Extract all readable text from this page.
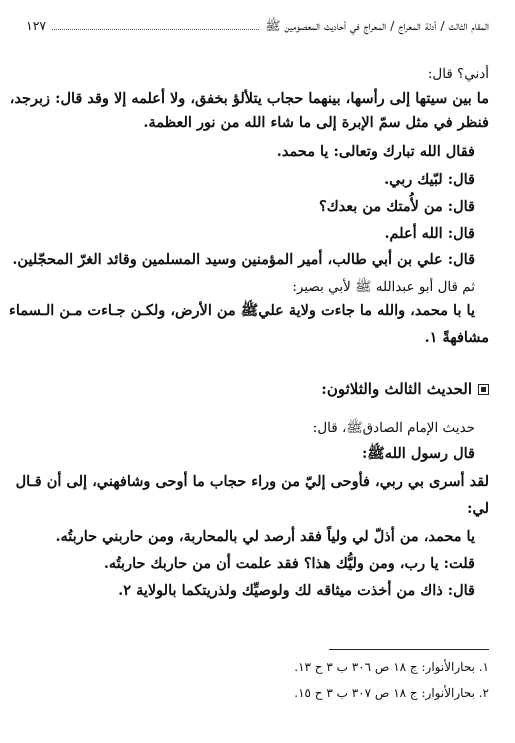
المقام الثالث / أدلة المعراج / المعراج في أحاديث المعصومين ﷺ
١٢٧
أدني؟ قال:
ما بين سيتها إلى رأسها، بينهما حجاب يتلألؤ بخفق، ولا أعلمه إلا وقد قال: زبرجد،
فنظر في مثل سمّ الإبرة إلى ما شاء الله من نور العظمة.
فقال الله تبارك وتعالى: يا محمد.
قال: لبّيك ربي.
قال: من لأُمتك من بعدك؟
قال: الله أعلم.
قال: علي بن أبي طالب، أمير المؤمنين وسيد المسلمين وقائد الغرّ المحجّلين.
ثم قال أبو عبدالله ﷺ لأبي بصير:
يا با محمد، والله ما جاءت ولاية عليﷺ من الأرض، ولكـن جـاءت مـن الـسماء
مشافهةً ١.
الحديث الثالث والثلاثون:
حديث الإمام الصادقﷺ، قال:
قال رسول اللهﷺ:
لقد أسرى بي ربي، فأوحى إليّ من وراء حجاب ما أوحى وشافهني، إلى أن قـال
لي:
يا محمد، من أذلّ لي ولياً فقد أرصد لي بالمحاربة، ومن حاربني حاربتُه.
قلت: يا رب، ومن وليُّك هذا؟ فقد علمت أن من حاربك حاربتُه.
قال: ذاك من أخذت ميثاقه لك ولوصيِّك ولذريتكما بالولاية ٢.
١. بحارالأنوار: ج ١٨ ص ٣٠٦ ب ٣ ح ١٣.
٢. بحارالأنوار: ج ١٨ ص ٣٠٧ ب ٣ ح ١٥.
